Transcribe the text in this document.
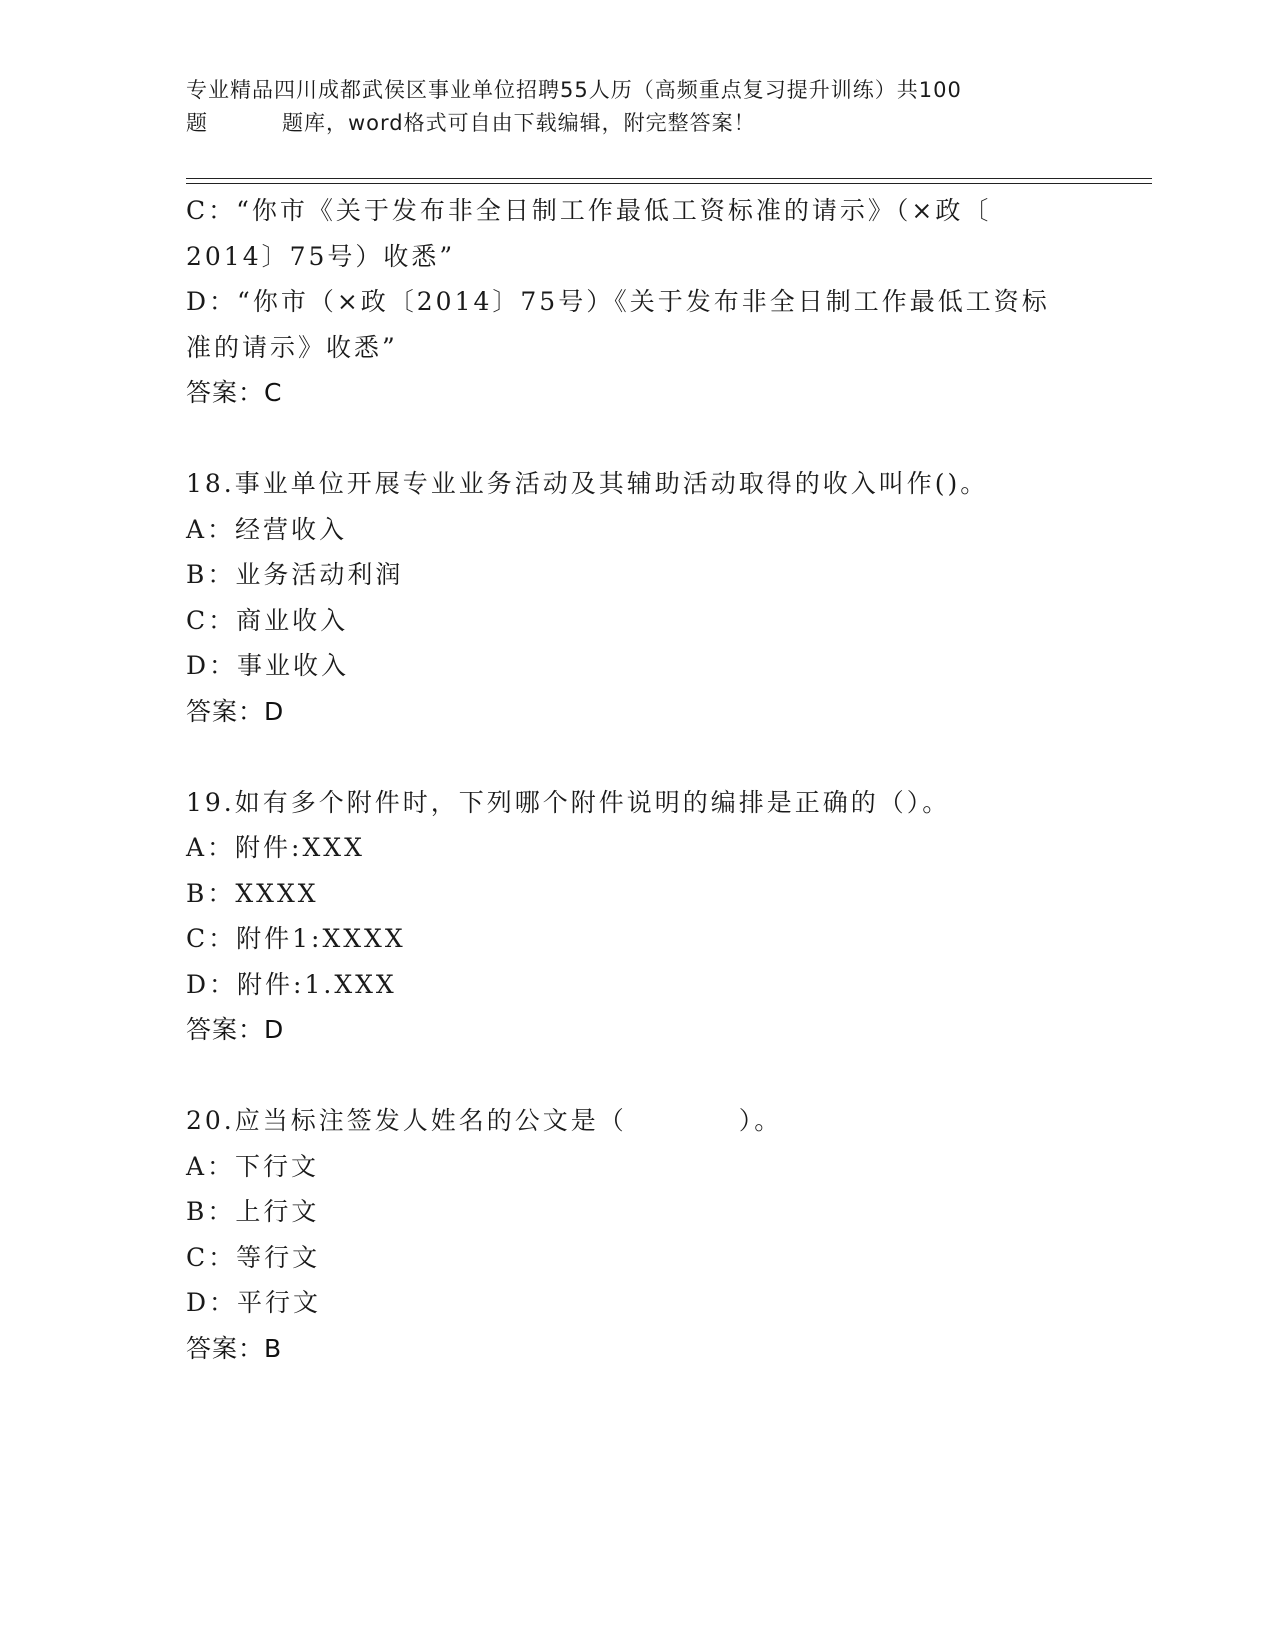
专业精品四川成都武侯区事业单位招聘55人历（高频重点复习提升训练）共100
题	题库，word格式可自由下载编辑，附完整答案！
C：“你市《关于发布非全日制工作最低工资标准的请示》（×政〔
2014〕75号）收悉”
D：“你市（×政〔2014〕75号）《关于发布非全日制工作最低工资标
准的请示》收悉”
答案：C
18.事业单位开展专业业务活动及其辅助活动取得的收入叫作()。
A：经营收入
B：业务活动利润
C：商业收入
D：事业收入
答案：D
19.如有多个附件时，下列哪个附件说明的编排是正确的（）。
A：附件:XXX
B：XXXX
C：附件1:XXXX
D：附件:1.XXX
答案：D
20.应当标注签发人姓名的公文是（　　　　）。
A：下行文
B：上行文
C：等行文
D：平行文
答案：B
